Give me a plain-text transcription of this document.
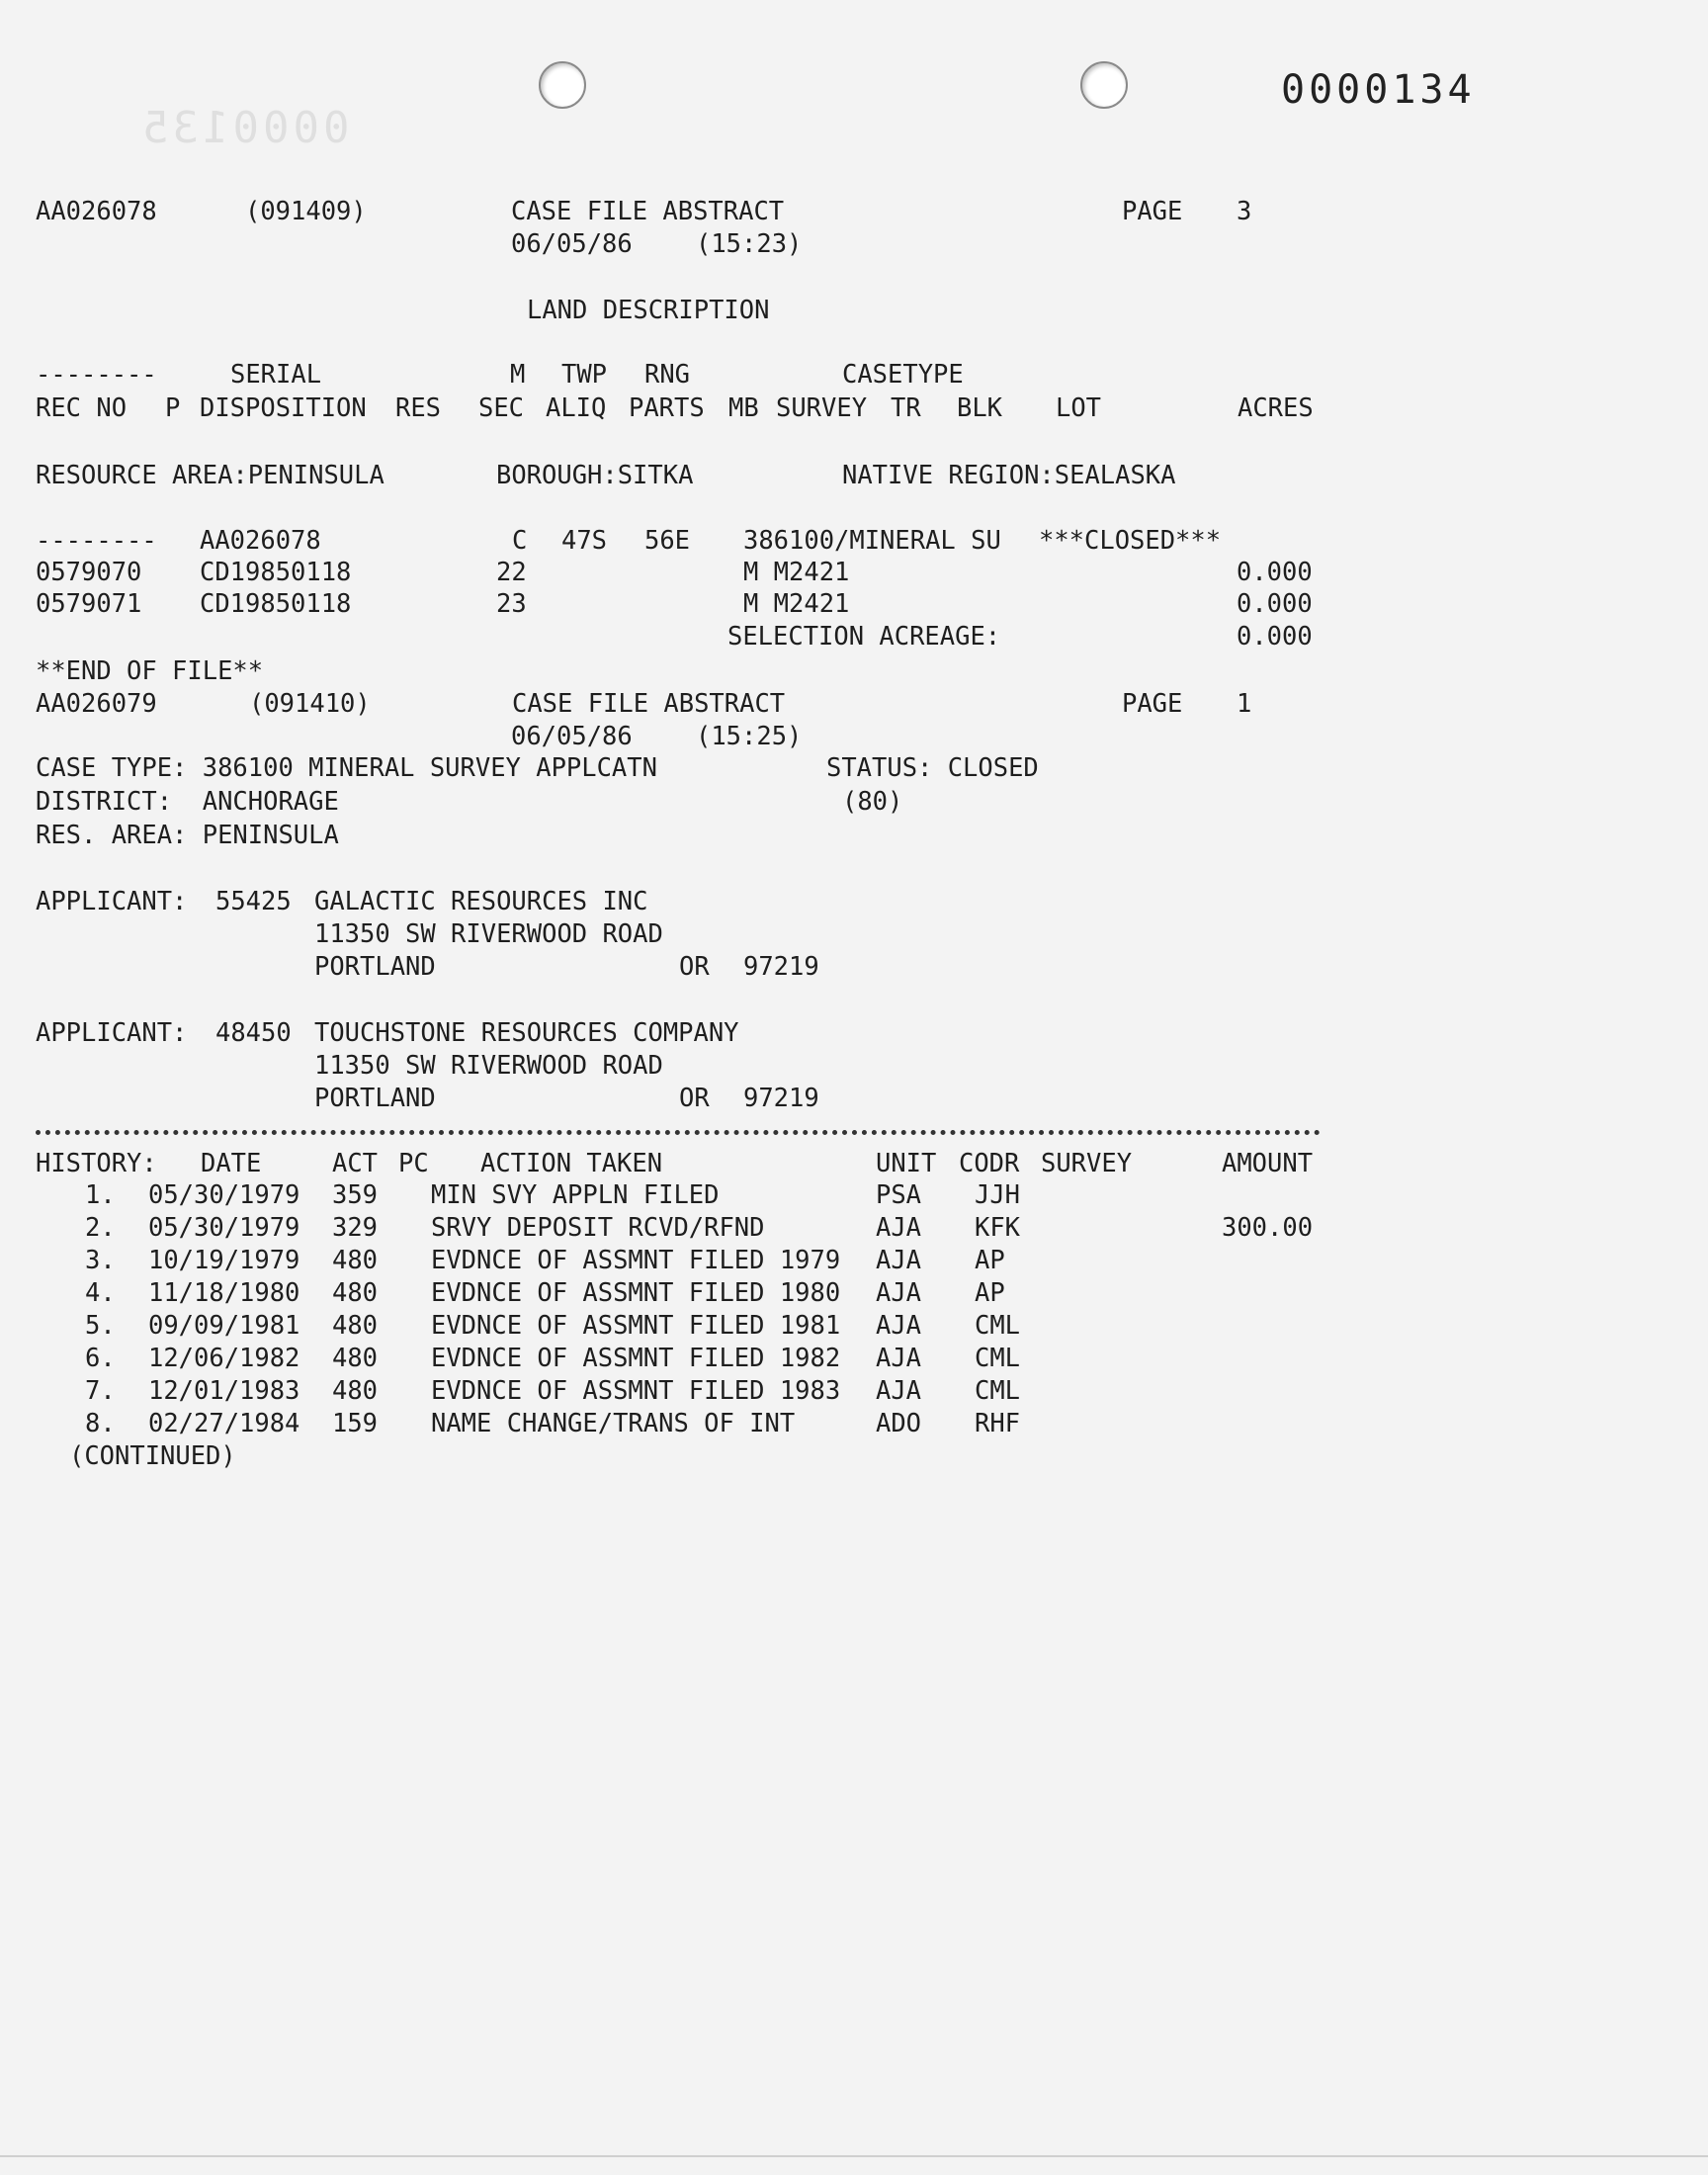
0000134
0000135
AA026078	(091409)	CASE FILE ABSTRACT	PAGE 3
06/05/86 (15:23)
LAND DESCRIPTION
--------	SERIAL	M TWP RNG	CASETYPE
REC NO P DISPOSITION RES SEC ALIQ PARTS MB SURVEY TR BLK LOT	ACRES
RESOURCE AREA:PENINSULA	BOROUGH:SITKA	NATIVE REGION:SEALASKA
-------- AA026078	C 47S 56E 386100/MINERAL SU ***CLOSED***
0579070 CD19850118	22	M M2421	0.000
0579071 CD19850118	23	M M2421	0.000
SELECTION ACREAGE:	0.000
**END OF FILE**
AA026079	(091410)	CASE FILE ABSTRACT	PAGE 1
06/05/86 (15:25)
CASE TYPE: 386100 MINERAL SURVEY APPLCATN	STATUS: CLOSED
DISTRICT:  ANCHORAGE	(80)
RES. AREA: PENINSULA
APPLICANT: 55425 GALACTIC RESOURCES INC
11350 SW RIVERWOOD ROAD
PORTLAND	OR 97219
APPLICANT: 48450 TOUCHSTONE RESOURCES COMPANY
11350 SW RIVERWOOD ROAD
PORTLAND	OR 97219
HISTORY: DATE	ACT PC ACTION TAKEN	UNIT CODR SURVEY	AMOUNT
1. 05/30/1979 359 MIN SVY APPLN FILED	PSA JJH
2. 05/30/1979 329 SRVY DEPOSIT RCVD/RFND	AJA KFK	300.00
3. 10/19/1979 480 EVDNCE OF ASSMNT FILED 1979 AJA AP
4. 11/18/1980 480 EVDNCE OF ASSMNT FILED 1980 AJA AP
5. 09/09/1981 480 EVDNCE OF ASSMNT FILED 1981 AJA CML
6. 12/06/1982 480 EVDNCE OF ASSMNT FILED 1982 AJA CML
7. 12/01/1983 480 EVDNCE OF ASSMNT FILED 1983 AJA CML
8. 02/27/1984 159 NAME CHANGE/TRANS OF INT	ADO RHF
(CONTINUED)
